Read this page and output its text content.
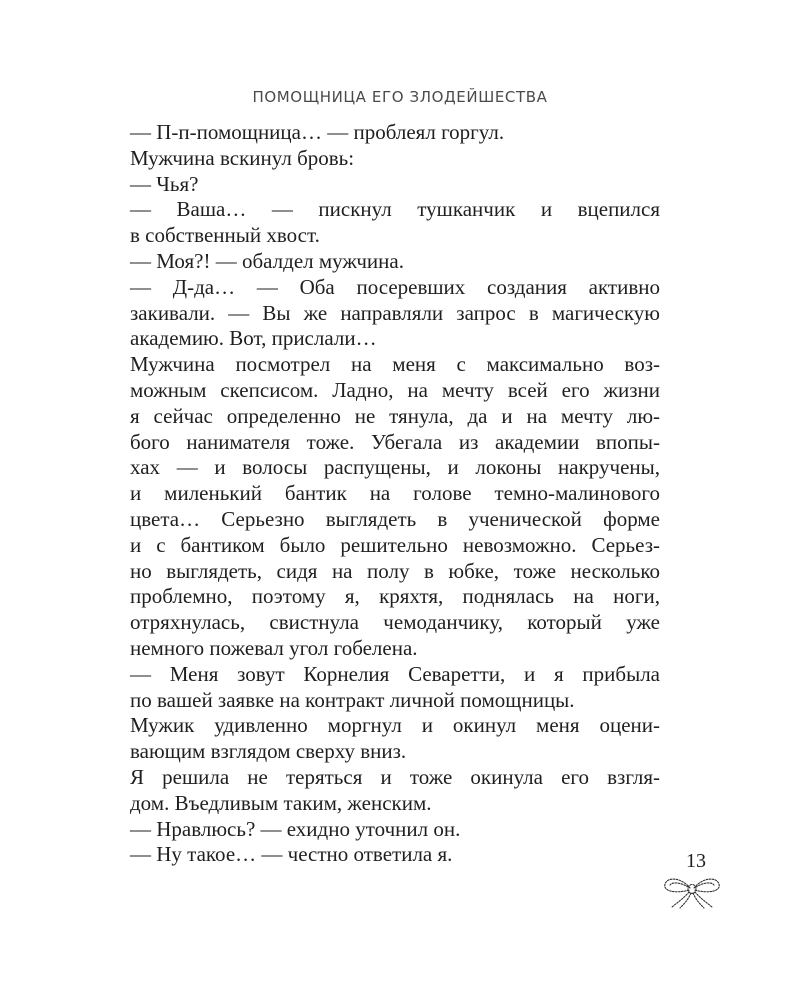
ПОМОЩНИЦА ЕГО ЗЛОДЕЙШЕСТВА
— П-п-помощница… — проблеял горгул.
Мужчина вскинул бровь:
— Чья?
— Ваша… — пискнул тушканчик и вцепился
в собственный хвост.
— Моя?! — обалдел мужчина.
— Д-да… — Оба посеревших создания активно
закивали. — Вы же направляли запрос в магическую
академию. Вот, прислали…
Мужчина посмотрел на меня с максимально воз-
можным скепсисом. Ладно, на мечту всей его жизни
я сейчас определенно не тянула, да и на мечту лю-
бого нанимателя тоже. Убегала из академии впопы-
хах — и волосы распущены, и локоны накручены,
и миленький бантик на голове темно-малинового
цвета… Серьезно выглядеть в ученической форме
и с бантиком было решительно невозможно. Серьез-
но выглядеть, сидя на полу в юбке, тоже несколько
проблемно, поэтому я, кряхтя, поднялась на ноги,
отряхнулась, свистнула чемоданчику, который уже
немного пожевал угол гобелена.
— Меня зовут Корнелия Севаретти, и я прибыла
по вашей заявке на контракт личной помощницы.
Мужик удивленно моргнул и окинул меня оцени-
вающим взглядом сверху вниз.
Я решила не теряться и тоже окинула его взгля-
дом. Въедливым таким, женским.
— Нравлюсь? — ехидно уточнил он.
— Ну такое… — честно ответила я.	13
